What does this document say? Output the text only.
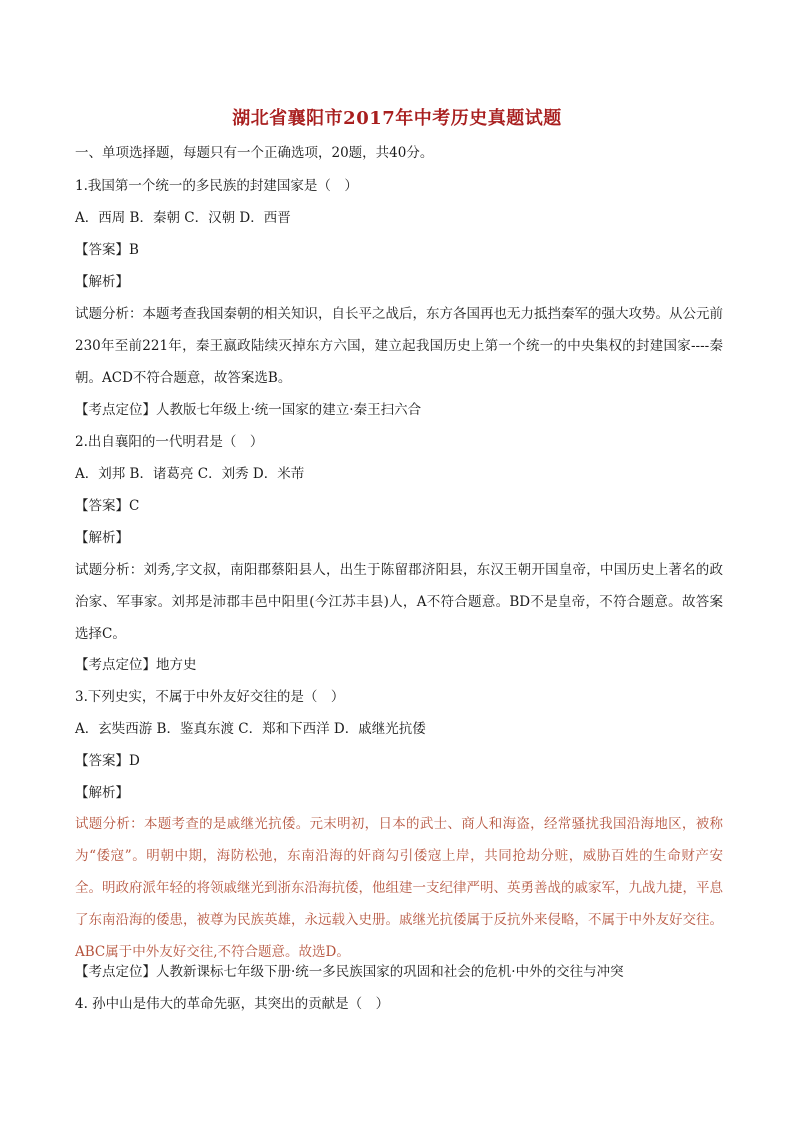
湖北省襄阳市2017年中考历史真题试题
一、单项选择题，每题只有一个正确选项，20题，共40分。
1.我国第一个统一的多民族的封建国家是（　）
A．西周 B．秦朝 C．汉朝 D．西晋
【答案】B
【解析】
试题分析：本题考查我国秦朝的相关知识，自长平之战后，东方各国再也无力抵挡秦军的强大攻势。从公元前230年至前221年，秦王嬴政陆续灭掉东方六国，建立起我国历史上第一个统一的中央集权的封建国家----秦朝。ACD不符合题意，故答案选B。
【考点定位】人教版七年级上·统一国家的建立·秦王扫六合
2.出自襄阳的一代明君是（　）
A．刘邦 B．诸葛亮 C．刘秀 D．米芾
【答案】C
【解析】
试题分析：刘秀,字文叔，南阳郡蔡阳县人，出生于陈留郡济阳县，东汉王朝开国皇帝，中国历史上著名的政治家、军事家。刘邦是沛郡丰邑中阳里(今江苏丰县)人，A不符合题意。BD不是皇帝，不符合题意。故答案选择C。
【考点定位】地方史
3.下列史实，不属于中外友好交往的是（　）
A．玄奘西游 B．鉴真东渡 C．郑和下西洋 D．戚继光抗倭
【答案】D
【解析】
试题分析：本题考查的是戚继光抗倭。元末明初，日本的武士、商人和海盗，经常骚扰我国沿海地区，被称为“倭寇”。明朝中期，海防松弛，东南沿海的奸商勾引倭寇上岸，共同抢劫分赃，威胁百姓的生命财产安全。明政府派年轻的将领戚继光到浙东沿海抗倭，他组建一支纪律严明、英勇善战的戚家军，九战九捷，平息了东南沿海的倭患，被尊为民族英雄，永远载入史册。戚继光抗倭属于反抗外来侵略，不属于中外友好交往。ABC属于中外友好交往,不符合题意。故选D。
【考点定位】人教新课标七年级下册·统一多民族国家的巩固和社会的危机·中外的交往与冲突
4. 孙中山是伟大的革命先驱，其突出的贡献是（　）
